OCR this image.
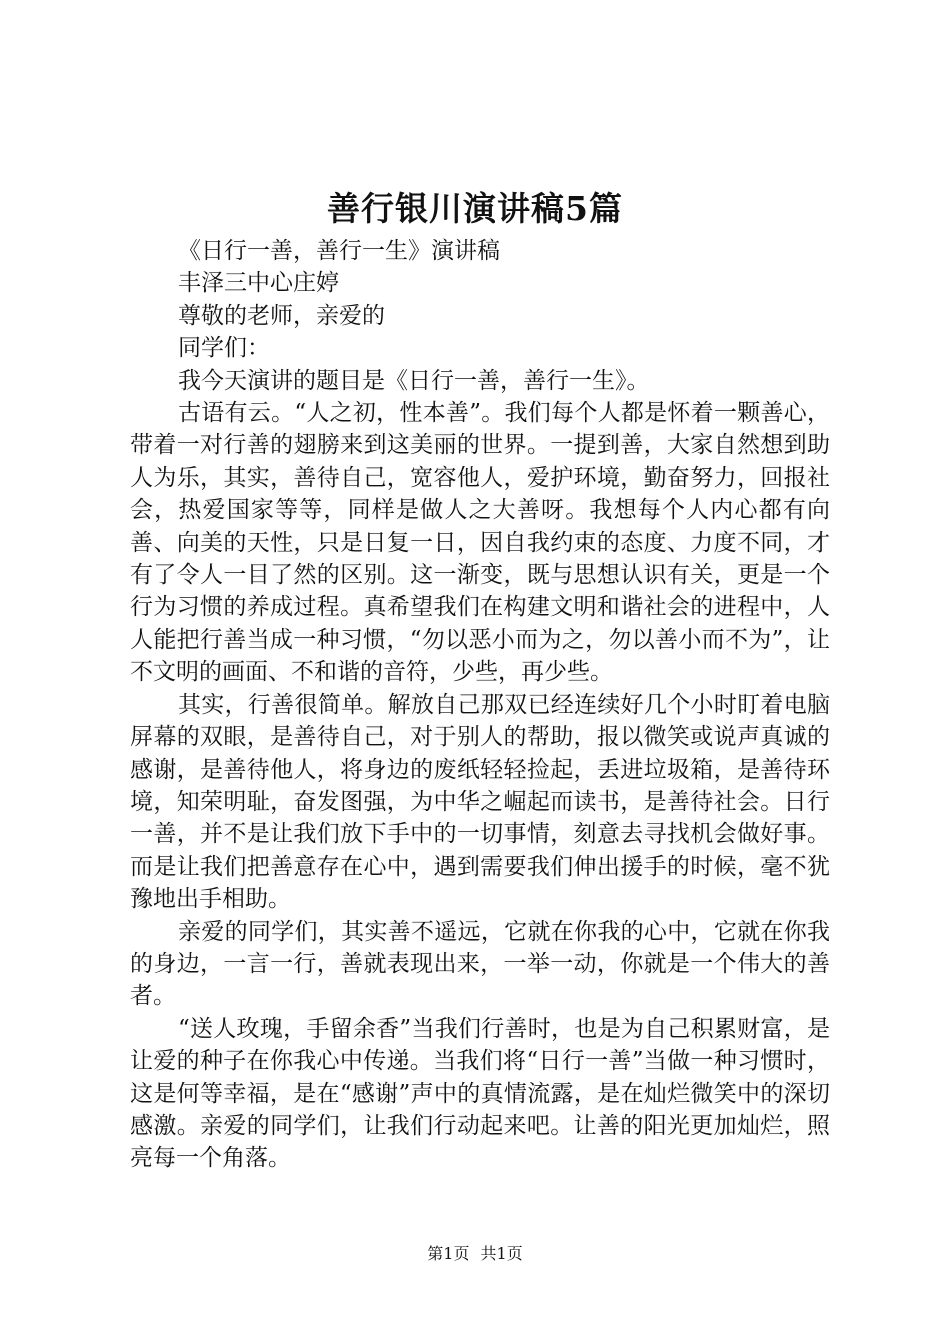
善行银川演讲稿5篇

《日行一善，善行一生》演讲稿

丰泽三中心庄婷

尊敬的老师，亲爱的

同学们：

我今天演讲的题目是《日行一善，善行一生》。

古语有云。“人之初，性本善”。我们每个人都是怀着一颗善心，带着一对行善的翅膀来到这美丽的世界。一提到善，大家自然想到助人为乐，其实，善待自己，宽容他人，爱护环境，勤奋努力，回报社会，热爱国家等等，同样是做人之大善呀。我想每个人内心都有向善、向美的天性，只是日复一日，因自我约束的态度、力度不同，才有了令人一目了然的区别。这一渐变，既与思想认识有关，更是一个行为习惯的养成过程。真希望我们在构建文明和谐社会的进程中，人人能把行善当成一种习惯，“勿以恶小而为之，勿以善小而不为”，让不文明的画面、不和谐的音符，少些，再少些。

其实，行善很简单。解放自己那双已经连续好几个小时盯着电脑屏幕的双眼，是善待自己，对于别人的帮助，报以微笑或说声真诚的感谢，是善待他人，将身边的废纸轻轻捡起，丢进垃圾箱，是善待环境，知荣明耻，奋发图强，为中华之崛起而读书，是善待社会。日行一善，并不是让我们放下手中的一切事情，刻意去寻找机会做好事。而是让我们把善意存在心中，遇到需要我们伸出援手的时候，毫不犹豫地出手相助。

亲爱的同学们，其实善不遥远，它就在你我的心中，它就在你我的身边，一言一行，善就表现出来，一举一动，你就是一个伟大的善者。

“送人玫瑰，手留余香”当我们行善时，也是为自己积累财富，是让爱的种子在你我心中传递。当我们将“日行一善”当做一种习惯时，这是何等幸福，是在“感谢”声中的真情流露，是在灿烂微笑中的深切感激。亲爱的同学们，让我们行动起来吧。让善的阳光更加灿烂，照亮每一个角落。

第1页 共1页
